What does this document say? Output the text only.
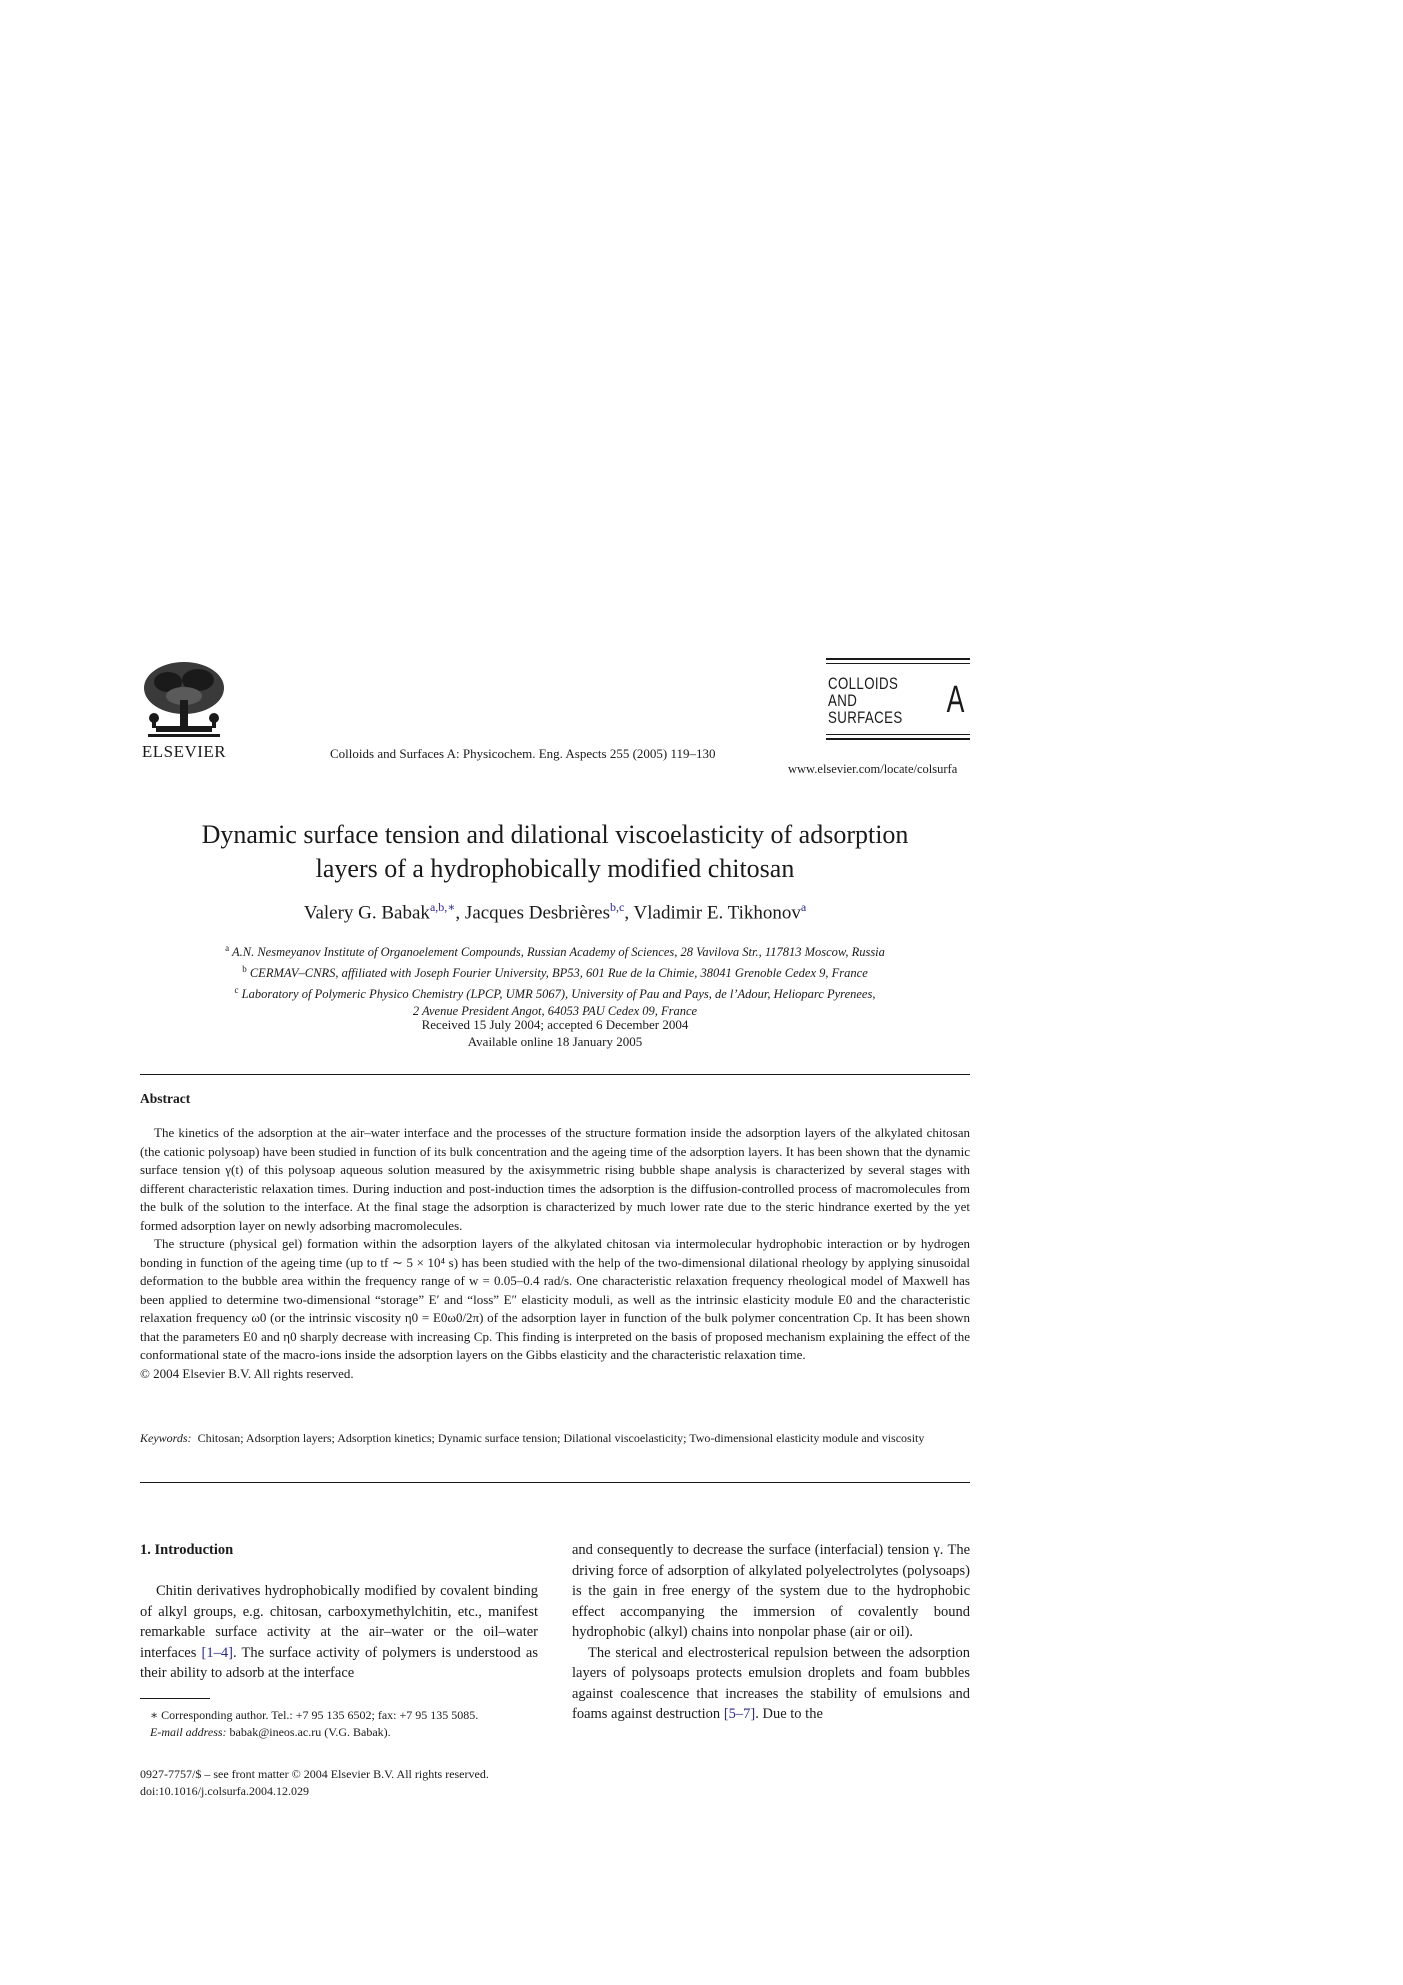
ELSEVIER	Colloids and Surfaces A: Physicochem. Eng. Aspects 255 (2005) 119–130
COLLOIDS
AND
SURFACES A
www.elsevier.com/locate/colsurfa
Dynamic surface tension and dilational viscoelasticity of adsorption
layers of a hydrophobically modified chitosan
Valery G. Babak$^{a,b,∗}$, Jacques Desbrières$^{b,c}$, Vladimir E. Tikhonov$^a$
$^a$ A.N. Nesmeyanov Institute of Organoelement Compounds, Russian Academy of Sciences, 28 Vavilova Str., 117813 Moscow, Russia
$^b$ CERMAV–CNRS, affiliated with Joseph Fourier University, BP53, 601 Rue de la Chimie, 38041 Grenoble Cedex 9, France
$^c$ Laboratory of Polymeric Physico Chemistry (LPCP, UMR 5067), University of Pau and Pays, de l’Adour, Helioparc Pyrenees,
2 Avenue President Angot, 64053 PAU Cedex 09, France
Received 15 July 2004; accepted 6 December 2004
Available online 18 January 2005
Abstract

The kinetics of the adsorption at the air–water interface and the processes of the structure formation inside the adsorption layers of the alkylated chitosan (the cationic polysoap) have been studied in function of its bulk concentration and the ageing time of the adsorption layers. It has been shown that the dynamic surface tension γ(t) of this polysoap aqueous solution measured by the axisymmetric rising bubble shape analysis is characterized by several stages with different characteristic relaxation times. During induction and post-induction times the adsorption is the diffusion-controlled process of macromolecules from the bulk of the solution to the interface. At the final stage the adsorption is characterized by much lower rate due to the steric hindrance exerted by the yet formed adsorption layer on newly adsorbing macromolecules.

The structure (physical gel) formation within the adsorption layers of the alkylated chitosan via intermolecular hydrophobic interaction or by hydrogen bonding in function of the ageing time (up to tf ∼ 5 × 10⁴ s) has been studied with the help of the two-dimensional dilational rheology by applying sinusoidal deformation to the bubble area within the frequency range of w = 0.05–0.4 rad/s. One characteristic relaxation frequency rheological model of Maxwell has been applied to determine two-dimensional “storage” E′ and “loss” E″ elasticity moduli, as well as the intrinsic elasticity module E0 and the characteristic relaxation frequency ω0 (or the intrinsic viscosity η0 = E0ω0/2π) of the adsorption layer in function of the bulk polymer concentration Cp. It has been shown that the parameters E0 and η0 sharply decrease with increasing Cp. This finding is interpreted on the basis of proposed mechanism explaining the effect of the conformational state of the macro-ions inside the adsorption layers on the Gibbs elasticity and the characteristic relaxation time.

© 2004 Elsevier B.V. All rights reserved.

Keywords: Chitosan; Adsorption layers; Adsorption kinetics; Dynamic surface tension; Dilational viscoelasticity; Two-dimensional elasticity module and viscosity
1. Introduction

Chitin derivatives hydrophobically modified by covalent binding of alkyl groups, e.g. chitosan, carboxymethylchitin, etc., manifest remarkable surface activity at the air–water or the oil–water interfaces [1–4]. The surface activity of polymers is understood as their ability to adsorb at the interface

and consequently to decrease the surface (interfacial) tension γ. The driving force of adsorption of alkylated polyelectrolytes (polysoaps) is the gain in free energy of the system due to the hydrophobic effect accompanying the immersion of covalently bound hydrophobic (alkyl) chains into nonpolar phase (air or oil).

The sterical and electrosterical repulsion between the adsorption layers of polysoaps protects emulsion droplets and foam bubbles against coalescence that increases the stability of emulsions and foams against destruction [5–7]. Due to the

∗ Corresponding author. Tel.: +7 95 135 6502; fax: +7 95 135 5085.
E-mail address: babak@ineos.ac.ru (V.G. Babak).
0927-7757/$ – see front matter © 2004 Elsevier B.V. All rights reserved.
doi:10.1016/j.colsurfa.2004.12.029
